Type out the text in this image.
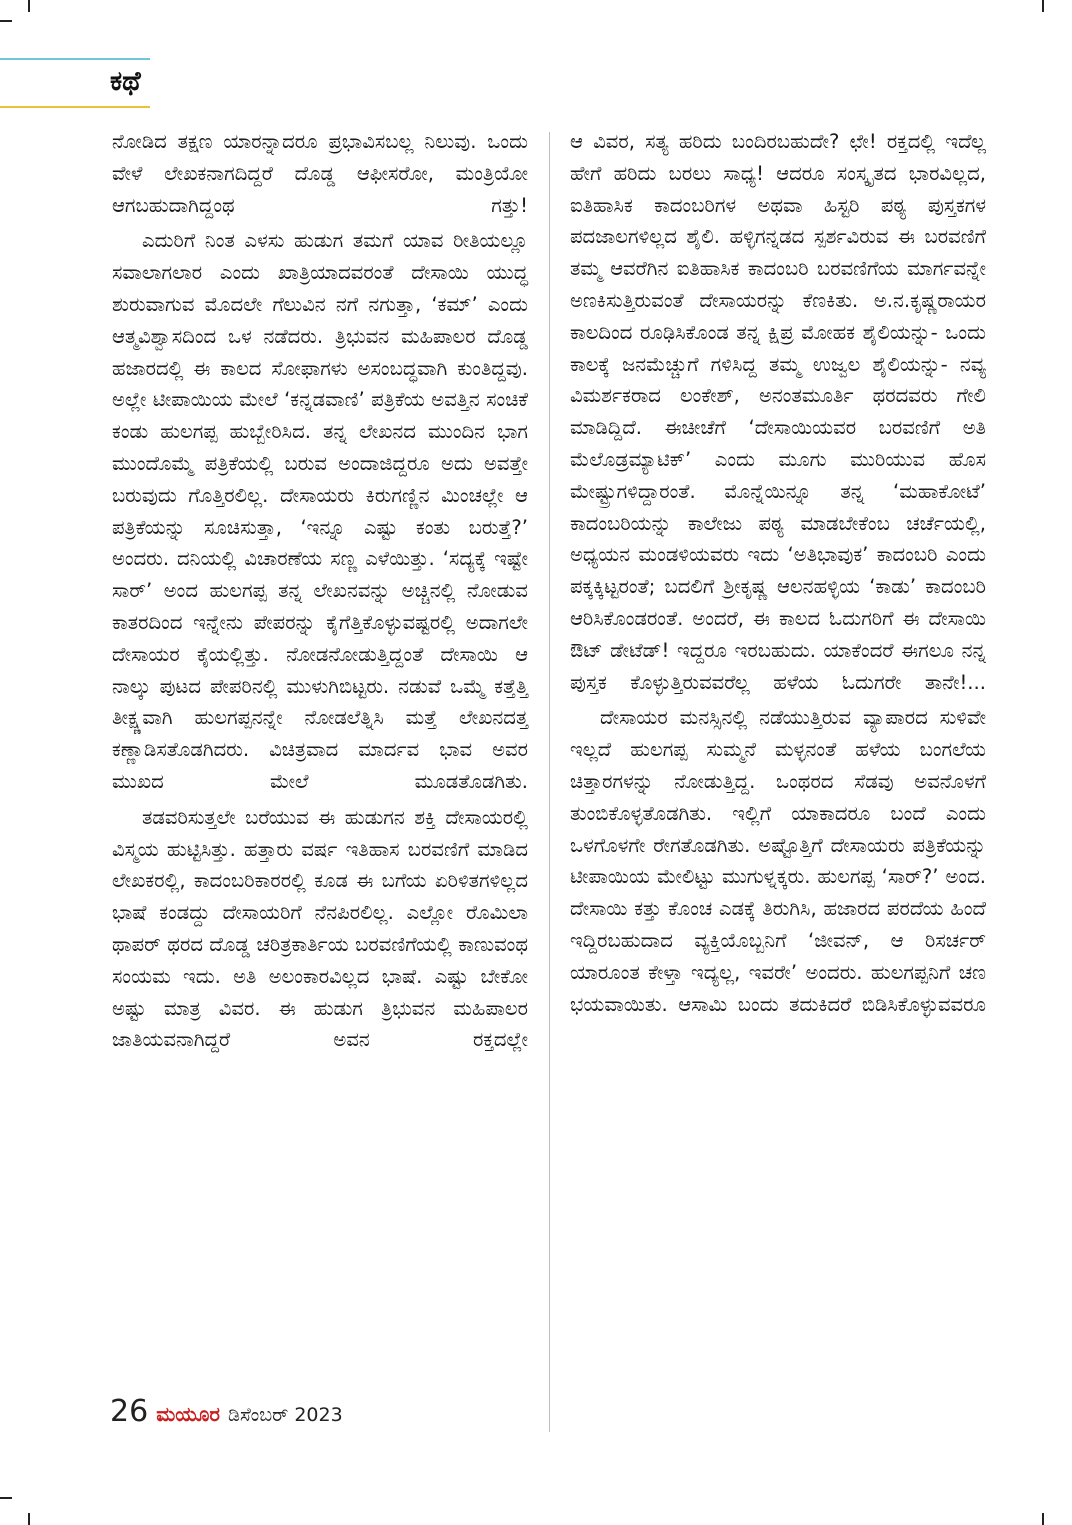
ಕಥೆ

ನೋಡಿದ ತಕ್ಷಣ ಯಾರನ್ನಾದರೂ ಪ್ರಭಾವಿಸಬಲ್ಲ ನಿಲುವು. ಒಂದು ವೇಳೆ ಲೇಖಕನಾಗದಿದ್ದರೆ ದೊಡ್ಡ ಆಫೀಸರೋ, ಮಂತ್ರಿಯೋ ಆಗಬಹುದಾಗಿದ್ದಂಥ ಗತ್ತು!

ಎದುರಿಗೆ ನಿಂತ ಎಳಸು ಹುಡುಗ ತಮಗೆ ಯಾವ ರೀತಿಯಲ್ಲೂ ಸವಾಲಾಗಲಾರ ಎಂದು ಖಾತ್ರಿಯಾದವರಂತೆ ದೇಸಾಯಿ ಯುದ್ಧ ಶುರುವಾಗುವ ಮೊದಲೇ ಗೆಲುವಿನ ನಗೆ ನಗುತ್ತಾ, ‘ಕಮ್’ ಎಂದು ಆತ್ಮವಿಶ್ವಾಸದಿಂದ ಒಳ ನಡೆದರು. ತ್ರಿಭುವನ ಮಹಿಪಾಲರ ದೊಡ್ಡ ಹಜಾರದಲ್ಲಿ ಈ ಕಾಲದ ಸೋಫಾಗಳು ಅಸಂಬದ್ಧವಾಗಿ ಕುಂತಿದ್ದವು. ಅಲ್ಲೇ ಟೀಪಾಯಿಯ ಮೇಲೆ ‘ಕನ್ನಡವಾಣಿ’ ಪತ್ರಿಕೆಯ ಅವತ್ತಿನ ಸಂಚಿಕೆ ಕಂಡು ಹುಲಗಪ್ಪ ಹುಬ್ಬೇರಿಸಿದ. ತನ್ನ ಲೇಖನದ ಮುಂದಿನ ಭಾಗ ಮುಂದೊಮ್ಮೆ ಪತ್ರಿಕೆಯಲ್ಲಿ ಬರುವ ಅಂದಾಜಿದ್ದರೂ ಅದು ಅವತ್ತೇ ಬರುವುದು ಗೊತ್ತಿರಲಿಲ್ಲ. ದೇಸಾಯರು ಕಿರುಗಣ್ಣಿನ ಮಿಂಚಲ್ಲೇ ಆ ಪತ್ರಿಕೆಯನ್ನು ಸೂಚಿಸುತ್ತಾ, ‘ಇನ್ನೂ ಎಷ್ಟು ಕಂತು ಬರುತ್ತೆ?’ ಅಂದರು. ದನಿಯಲ್ಲಿ ವಿಚಾರಣೆಯ ಸಣ್ಣ ಎಳೆಯಿತ್ತು. ‘ಸದ್ಯಕ್ಕೆ ಇಷ್ಟೇ ಸಾರ್’ ಅಂದ ಹುಲಗಪ್ಪ ತನ್ನ ಲೇಖನವನ್ನು ಅಚ್ಚಿನಲ್ಲಿ ನೋಡುವ ಕಾತರದಿಂದ ಇನ್ನೇನು ಪೇಪರನ್ನು ಕೈಗೆತ್ತಿಕೊಳ್ಳುವಷ್ಟರಲ್ಲಿ ಅದಾಗಲೇ ದೇಸಾಯರ ಕೈಯಲ್ಲಿತ್ತು. ನೋಡನೋಡುತ್ತಿದ್ದಂತೆ ದೇಸಾಯಿ ಆ ನಾಲ್ಕು ಪುಟದ ಪೇಪರಿನಲ್ಲಿ ಮುಳುಗಿಬಿಟ್ಟರು. ನಡುವೆ ಒಮ್ಮೆ ಕತ್ತೆತ್ತಿ ತೀಕ್ಷ್ಣವಾಗಿ ಹುಲಗಪ್ಪನನ್ನೇ ನೋಡಲೆತ್ನಿಸಿ ಮತ್ತೆ ಲೇಖನದತ್ತ ಕಣ್ಣಾಡಿಸತೊಡಗಿದರು. ವಿಚಿತ್ರವಾದ ಮಾರ್ದವ ಭಾವ ಅವರ ಮುಖದ ಮೇಲೆ ಮೂಡತೊಡಗಿತು.

ತಡವರಿಸುತ್ತಲೇ ಬರೆಯುವ ಈ ಹುಡುಗನ ಶಕ್ತಿ ದೇಸಾಯರಲ್ಲಿ ವಿಸ್ಮಯ ಹುಟ್ಟಿಸಿತ್ತು. ಹತ್ತಾರು ವರ್ಷ ಇತಿಹಾಸ ಬರವಣಿಗೆ ಮಾಡಿದ ಲೇಖಕರಲ್ಲಿ, ಕಾದಂಬರಿಕಾರರಲ್ಲಿ ಕೂಡ ಈ ಬಗೆಯ ಏರಿಳಿತಗಳಿಲ್ಲದ ಭಾಷೆ ಕಂಡದ್ದು ದೇಸಾಯರಿಗೆ ನೆನಪಿರಲಿಲ್ಲ. ಎಲ್ಲೋ ರೊಮಿಲಾ ಥಾಪರ್ ಥರದ ದೊಡ್ಡ ಚರಿತ್ರಕಾರ್ತಿಯ ಬರವಣಿಗೆಯಲ್ಲಿ ಕಾಣುವಂಥ ಸಂಯಮ ಇದು. ಅತಿ ಅಲಂಕಾರವಿಲ್ಲದ ಭಾಷೆ. ಎಷ್ಟು ಬೇಕೋ ಅಷ್ಟು ಮಾತ್ರ ವಿವರ. ಈ ಹುಡುಗ ತ್ರಿಭುವನ ಮಹಿಪಾಲರ ಜಾತಿಯವನಾಗಿದ್ದರೆ ಅವನ ರಕ್ತದಲ್ಲೇ

ಆ ವಿವರ, ಸತ್ಯ ಹರಿದು ಬಂದಿರಬಹುದೇ? ಛೇ! ರಕ್ತದಲ್ಲಿ ಇದೆಲ್ಲ ಹೇಗೆ ಹರಿದು ಬರಲು ಸಾಧ್ಯ! ಆದರೂ ಸಂಸ್ಕೃತದ ಭಾರವಿಲ್ಲದ, ಐತಿಹಾಸಿಕ ಕಾದಂಬರಿಗಳ ಅಥವಾ ಹಿಸ್ಟರಿ ಪಠ್ಯ ಪುಸ್ತಕಗಳ ಪದಜಾಲಗಳಿಲ್ಲದ ಶೈಲಿ. ಹಳ್ಳಿಗನ್ನಡದ ಸ್ಪರ್ಶವಿರುವ ಈ ಬರವಣಿಗೆ ತಮ್ಮ ಆವರೆಗಿನ ಐತಿಹಾಸಿಕ ಕಾದಂಬರಿ ಬರವಣಿಗೆಯ ಮಾರ್ಗವನ್ನೇ ಅಣಕಿಸುತ್ತಿರುವಂತೆ ದೇಸಾಯರನ್ನು ಕೆಣಕಿತು. ಅ.ನ.ಕೃಷ್ಣರಾಯರ ಕಾಲದಿಂದ ರೂಢಿಸಿಕೊಂಡ ತನ್ನ ಕ್ಷಿಪ್ರ ಮೋಹಕ ಶೈಲಿಯನ್ನು- ಒಂದು ಕಾಲಕ್ಕೆ ಜನಮೆಚ್ಚುಗೆ ಗಳಿಸಿದ್ದ ತಮ್ಮ ಉಜ್ವಲ ಶೈಲಿಯನ್ನು- ನವ್ಯ ವಿಮರ್ಶಕರಾದ ಲಂಕೇಶ್, ಅನಂತಮೂರ್ತಿ ಥರದವರು ಗೇಲಿ ಮಾಡಿದ್ದಿದೆ. ಈಚೀಚೆಗೆ ‘ದೇಸಾಯಿಯವರ ಬರವಣಿಗೆ ಅತಿ ಮೆಲೊಡ್ರಮ್ಯಾಟಿಕ್’ ಎಂದು ಮೂಗು ಮುರಿಯುವ ಹೊಸ ಮೇಷ್ಟ್ರುಗಳಿದ್ದಾರಂತೆ. ಮೊನ್ನೆಯಿನ್ನೂ ತನ್ನ ‘ಮಹಾಕೋಟೆ’ ಕಾದಂಬರಿಯನ್ನು ಕಾಲೇಜು ಪಠ್ಯ ಮಾಡಬೇಕೆಂಬ ಚರ್ಚೆಯಲ್ಲಿ, ಅಧ್ಯಯನ ಮಂಡಳಿಯವರು ಇದು ‘ಅತಿಭಾವುಕ’ ಕಾದಂಬರಿ ಎಂದು ಪಕ್ಕಕ್ಕಿಟ್ಟರಂತೆ; ಬದಲಿಗೆ ಶ್ರೀಕೃಷ್ಣ ಆಲನಹಳ್ಳಿಯ ‘ಕಾಡು’ ಕಾದಂಬರಿ ಆರಿಸಿಕೊಂಡರಂತೆ. ಅಂದರೆ, ಈ ಕಾಲದ ಓದುಗರಿಗೆ ಈ ದೇಸಾಯಿ ಔಟ್ ಡೇಟೆಡ್! ಇದ್ದರೂ ಇರಬಹುದು. ಯಾಕೆಂದರೆ ಈಗಲೂ ನನ್ನ ಪುಸ್ತಕ ಕೊಳ್ಳುತ್ತಿರುವವರೆಲ್ಲ ಹಳೆಯ ಓದುಗರೇ ತಾನೇ!...

ದೇಸಾಯರ ಮನಸ್ಸಿನಲ್ಲಿ ನಡೆಯುತ್ತಿರುವ ವ್ಯಾಪಾರದ ಸುಳಿವೇ ಇಲ್ಲದೆ ಹುಲಗಪ್ಪ ಸುಮ್ಮನೆ ಮಳ್ಳನಂತೆ ಹಳೆಯ ಬಂಗಲೆಯ ಚಿತ್ತಾರಗಳನ್ನು ನೋಡುತ್ತಿದ್ದ. ಒಂಥರದ ಸೆಡವು ಅವನೊಳಗೆ ತುಂಬಿಕೊಳ್ಳತೊಡಗಿತು. ಇಲ್ಲಿಗೆ ಯಾಕಾದರೂ ಬಂದೆ ಎಂದು ಒಳಗೊಳಗೇ ರೇಗತೊಡಗಿತು. ಅಷ್ಟೊತ್ತಿಗೆ ದೇಸಾಯರು ಪತ್ರಿಕೆಯನ್ನು ಟೀಪಾಯಿಯ ಮೇಲಿಟ್ಟು ಮುಗುಳ್ನಕ್ಕರು. ಹುಲಗಪ್ಪ ‘ಸಾರ್?’ ಅಂದ. ದೇಸಾಯಿ ಕತ್ತು ಕೊಂಚ ಎಡಕ್ಕೆ ತಿರುಗಿಸಿ, ಹಜಾರದ ಪರದೆಯ ಹಿಂದೆ ಇದ್ದಿರಬಹುದಾದ ವ್ಯಕ್ತಿಯೊಬ್ಬನಿಗೆ ‘ಜೀವನ್, ಆ ರಿಸರ್ಚರ್ ಯಾರೂಂತ ಕೇಳ್ತಾ ಇದ್ಯಲ್ಲ, ಇವರೇ’ ಅಂದರು. ಹುಲಗಪ್ಪನಿಗೆ ಚಣ ಭಯವಾಯಿತು. ಆಸಾಮಿ ಬಂದು ತದುಕಿದರೆ ಬಿಡಿಸಿಕೊಳ್ಳುವವರೂ

26 ಮಯೂರ ಡಿಸೆಂಬರ್ 2023
